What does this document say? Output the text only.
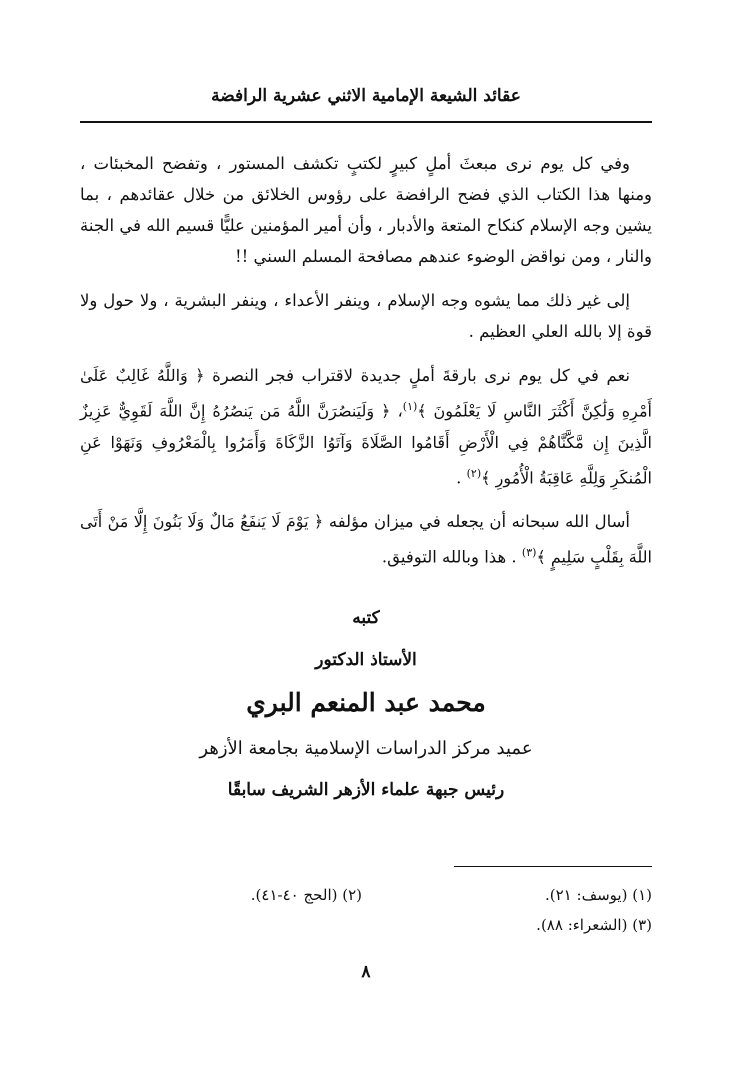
عقائد الشيعة الإمامية الاثني عشرية الرافضة

وفي كل يوم نرى مبعثَ أملٍ كبيرٍ لكتبٍ تكشف المستور ، وتفضح المخبئات ، ومنها هذا الكتاب الذي فضح الرافضة على رؤوس الخلائق من خلال عقائدهم ، بما يشين وجه الإسلام كنكاح المتعة والأدبار ، وأن أمير المؤمنين عليًّا قسيم الله في الجنة والنار ، ومن نواقض الوضوء عندهم مصافحة المسلم السني !!

إلى غير ذلك مما يشوه وجه الإسلام ، وينفر الأعداء ، وينفر البشرية ، ولا حول ولا قوة إلا بالله العلي العظيم .

نعم في كل يوم نرى بارقةَ أملٍ جديدة لاقتراب فجر النصرة ﴿ وَاللَّهُ غَالِبٌ عَلَىٰ أَمْرِهِ وَلَٰكِنَّ أَكْثَرَ النَّاسِ لَا يَعْلَمُونَ ﴾$^{(١)}$، ﴿ وَلَيَنصُرَنَّ اللَّهُ مَن يَنصُرُهُ إِنَّ اللَّهَ لَقَوِيٌّ عَزِيزٌ الَّذِينَ إِن مَّكَّنَّاهُمْ فِي الْأَرْضِ أَقَامُوا الصَّلَاةَ وَآتَوُا الزَّكَاةَ وَأَمَرُوا بِالْمَعْرُوفِ وَنَهَوْا عَنِ الْمُنكَرِ وَلِلَّهِ عَاقِبَةُ الْأُمُورِ ﴾$^{(٢)}$ .

أسال الله سبحانه أن يجعله في ميزان مؤلفه ﴿ يَوْمَ لَا يَنفَعُ مَالٌ وَلَا بَنُونَ إِلَّا مَنْ أَتَى اللَّهَ بِقَلْبٍ سَلِيمٍ ﴾$^{(٣)}$ . هذا وبالله التوفيق.

كتبه
الأستاذ الدكتور
محمد عبد المنعم البري
عميد مركز الدراسات الإسلامية بجامعة الأزهر
رئيس جبهة علماء الأزهر الشريف سابقًا
(١) (يوسف: ٢١).
(٢) (الحج ٤٠-٤١).
(٣) (الشعراء: ٨٨).
٨
